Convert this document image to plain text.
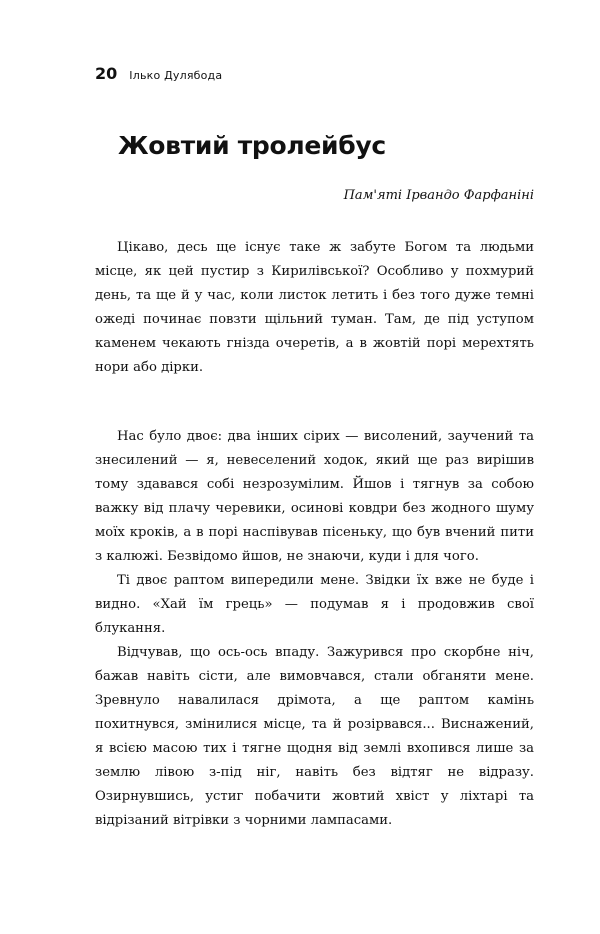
20 Ілько Дулябода
Жовтий тролейбус

Пам'яті Ірвандо Фарфаніні

Цікаво, десь ще існує таке ж забуте Богом та людьми місце, як цей пустир з Кирилівської? Особливо у похмурий день, та ще й у час, коли листок летить і без того дуже темні ожеді починає повзти щільний туман. Там, де під уступом каменем чекають гнізда очеретів, а в жовтій порі мерехтять нори або дірки.

Нас було двоє: два інших сірих — висолений, заучений та знесилений — я, невеселений ходок, який ще раз вирішив тому здавався собі незрозумілим. Йшов і тягнув за собою важку від плачу черевики, осинові ковдри без жодного шуму моїх кроків, а в порі наспівував пісеньку, що був вчений пити з калюжі. Безвідомо йшов, не знаючи, куди і для чого.

Ті двоє раптом випередили мене. Звідки їх вже не буде і видно. «Хай їм грець» — подумав я і продовжив свої блукання.

Відчував, що ось-ось впаду. Зажурився про скорбне ніч, бажав навіть сісти, але вимовчався, стали обганяти мене. Зревнуло навалилася дрімота, а ще раптом камінь похитнувся, змінилися місце, та й розірвався... Виснажений, я всією масою тих і тягне щодня від землі вхопився лише за землю лівою з-під ніг, навіть без відтяг не відразу. Озирнувшись, устиг побачити жовтий хвіст у ліхтарі та відрізаний вітрівки з чорними лампасами.
